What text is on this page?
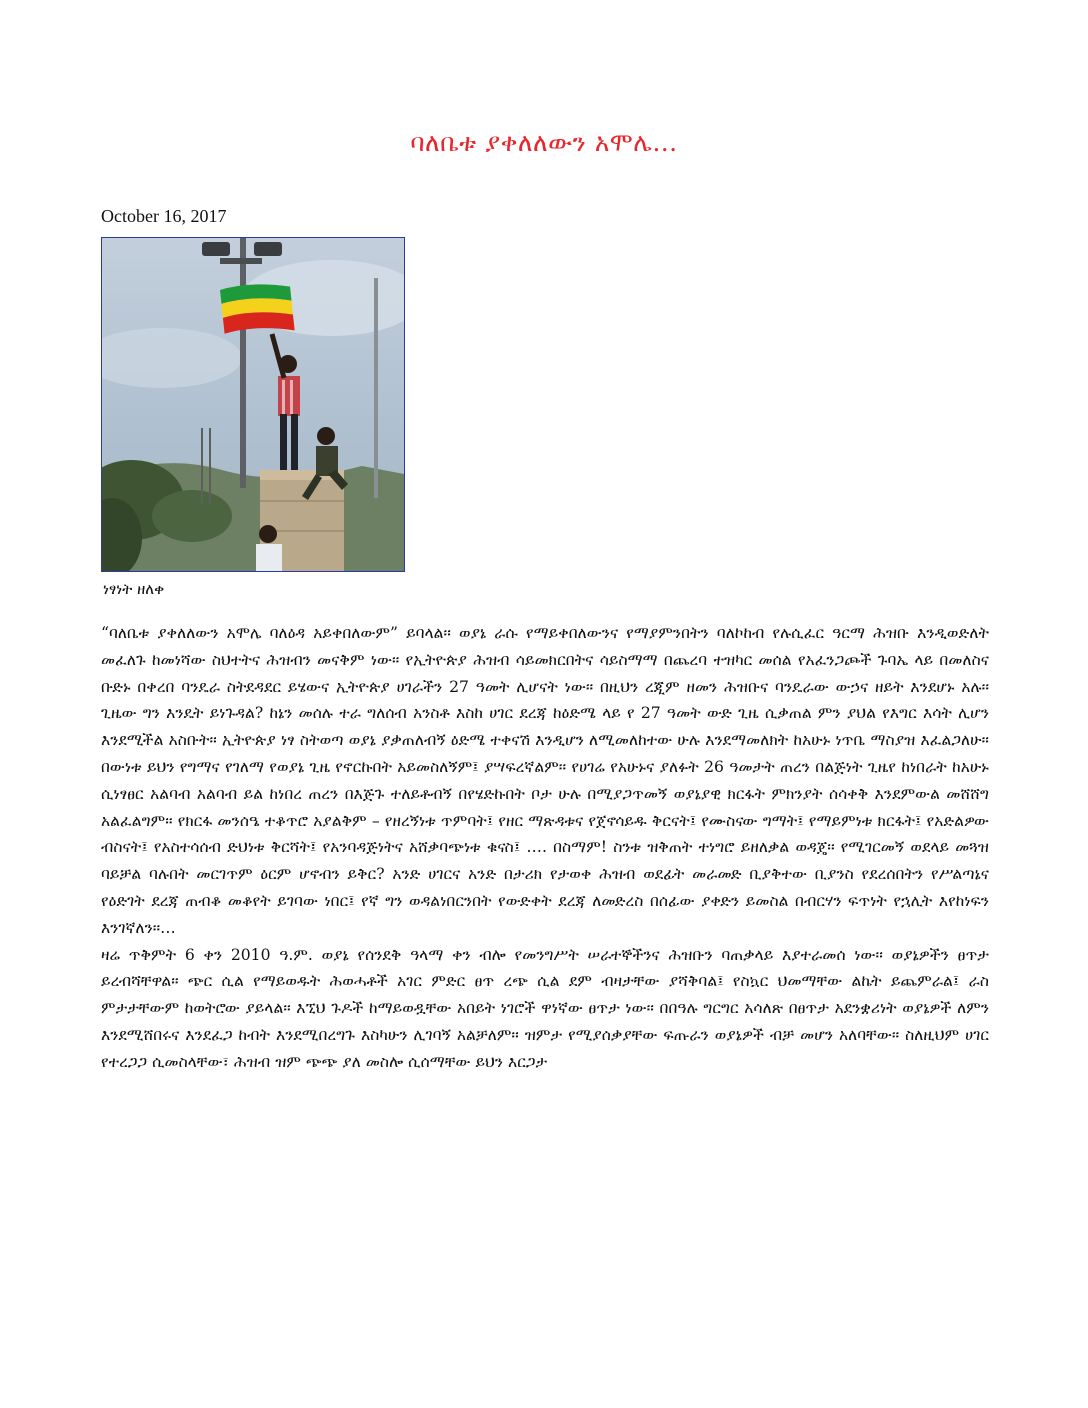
ባለቤቱ ያቀለለውን አሞሌ…
October 16, 2017
ነፃነት ዘለቀ

“ባለቤቱ ያቀለለውን አሞሌ ባለዕዳ አይቀበለውም” ይባላል፡፡ ወያኔ ራሱ የማይቀበለውንና የማያምንበትን ባለኮከብ የሉሲፈር ዓርማ ሕዝቡ እንዲወድለት መፈለጉ ከመነሻው ስህተትና ሕዝብን መናቅም ነው፡፡ የኢትዮጵያ ሕዝብ ሳይመክርበትና ሳይስማማ በጨረባ ተዝካር መሰል የአፈንጋጮች ጉባኤ ላይ በመለስና ቡድኑ በቀረበ ባንዴራ ስትደዳደር ይሄውና ኢትዮጵያ ሀገራችን 27 ዓመት ሊሆናት ነው፡፡ በዚህን ረጂም ዘመን ሕዝቡና ባንዴራው ውኃና ዘይት እንደሆኑ አሉ፡፡ ጊዜው ግን እንዴት ይነጉዳል? ከኔን መሰሉ ተራ ግለሰብ አንስቶ እስከ ሀገር ደረጃ ከዕድሜ ላይ የ 27 ዓመት ውድ ጊዜ ሲቃጠል ምን ያህል የእግር እሳት ሊሆን እንደሚችል አስቡት፡፡ ኢትዮጵያ ነፃ ስትወጣ ወያኔ ያቃጠለብኝ ዕድሜ ተቀናሽ እንዲሆን ለሚመለከተው ሁሉ እንደማመለክት ከአሁኑ ነጥቤ ማስያዝ እፈልጋለሁ፡፡ በውነቱ ይህን የግማና የገለማ የወያኔ ጊዜ የኖርኩበት አይመስለኝም፤ ያሣፍረኛልም፡፡ የሀገሬ የአሁኑና ያለፉት 26 ዓመታት ጠረን በልጅነት ጊዜየ ከነበራት ከአሁኑ ሲነፃፀር አልባብ አልባብ ይል ከነበረ ጠረን በእጅጉ ተለይቶብኝ በየሄድኩበት ቦታ ሁሉ በሚያጋጥመኝ ወያኔያዊ ክርፋት ምክንያት ሰሳቀቅ እንደምውል መሸሸግ አልፈልግም፡፡ የክርፋ መንሰዔ ተቆጥሮ አያልቅም – የዘረኝነቱ ጥምባት፤ የዘር ማጽዳቱና የጀኖሳይዱ ቅርናት፤ የሙስናው ግማት፤ የማይምነቱ ክርፋት፤ የአድልዎው ብስናት፤ የአስተሳሰብ ድህነቱ ቅርሻት፤ የአንባዳጅነትና አሸቃባጭነቱ ቁናስ፤ …. በስማም! ስንቱ ዝቅጠት ተነግሮ ይዘለቃል ወዳጄ፡፡ የሚገርመኝ ወደላይ መጓዝ ባይቻል ባሉበት መርገጥም ዕርም ሆኖብን ይቅር? አንድ ሀገርና አንድ በታሪክ የታወቀ ሕዝብ ወደፊት መራመድ ቢያቅተው ቢያንስ የደረሰበትን የሥልጣኔና የዕድገት ደረጃ ጠብቆ መቆየት ይገባው ነበር፤ የኛ ግን ወዳልነበርንበት የውድቀት ደረጃ ለመድረስ በሰፊው ያቀድን ይመስል በብርሃን ፍጥነት የኋሊት እየከነፍን እንገኛለን፡፡…

ዛሬ ጥቅምት 6 ቀን 2010 ዓ.ም. ወያኔ የሰንደቅ ዓላማ ቀን ብሎ የመንግሥት ሠራተኞችንና ሕዝቡን ባጠቃላይ እያተራመሰ ነው፡፡ ወያኔዎችን ፀጥታ ይረብሻቸዋል፡፡ ጭር ሲል የማይወዱት ሕወሓቶች አገር ምድር ፀጥ ረጭ ሲል ደም ብዛታቸው ያሻቅባል፤ የስኳር ህመማቸው ልኬት ይጨምራል፤ ራስ ምታታቸውም ከወትሮው ያይላል፡፡ እኚህ ጉዶች ከማይወዷቸው አበይት ነገሮች ዋነኛው ፀጥታ ነው፡፡ በበዓሉ ግርግር አሳለጽ በፀጥታ አደንቋሪነት ወያኔዎች ለምን እንደሚሸበሩና እንደፈጋ ከብት እንደሚበረግጉ እስካሁን ሊገባኝ አልቻለም፡፡ ዝምታ የሚያሰቃያቸው ፍጡራን ወያኔዎች ብቻ መሆን አለባቸው፡፡ ስለዚህም ሀገር የተረጋጋ ሲመስላቸው፣ ሕዝብ ዝም ጭጭ ያለ መስሎ ሲሰማቸው ይህን እርጋታ
